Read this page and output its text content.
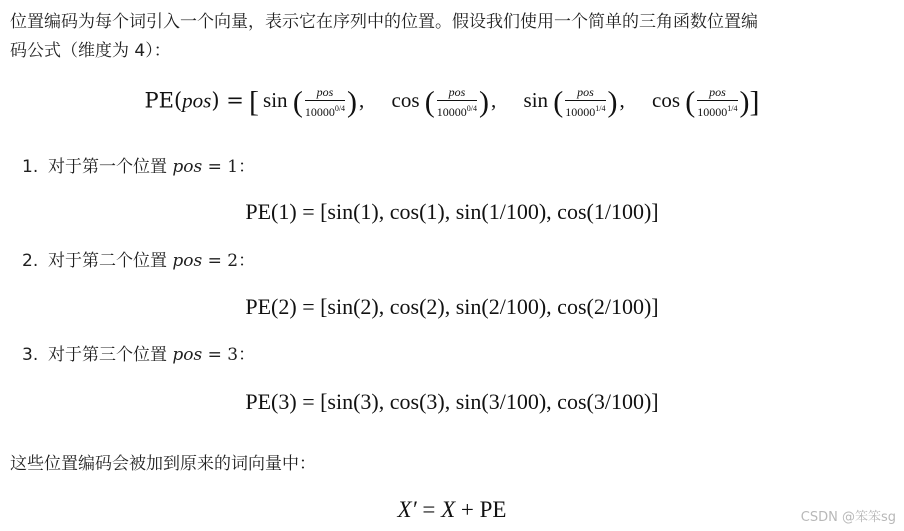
位置编码为每个词引入一个向量，表示它在序列中的位置。假设我们使用一个简单的三角函数位置编
码公式（维度为 4）：

PE(pos) = [ sin ( $\frac{\text{pos}}{10000^{0/4}}$ ), cos ( $\frac{\text{pos}}{10000^{0/4}}$ ), sin ( $\frac{\text{pos}}{10000^{1/4}}$ ), cos ( $\frac{\text{pos}}{10000^{1/4}}$ )]
1. 对于第一个位置 pos = 1：
PE(1) = [sin(1), cos(1), sin(1/100), cos(1/100)]
2. 对于第二个位置 pos = 2：
PE(2) = [sin(2), cos(2), sin(2/100), cos(2/100)]
3. 对于第三个位置 pos = 3：
PE(3) = [sin(3), cos(3), sin(3/100), cos(3/100)]

这些位置编码会被加到原来的词向量中：

X′ = X + PE	CSDN @笨笨sg
